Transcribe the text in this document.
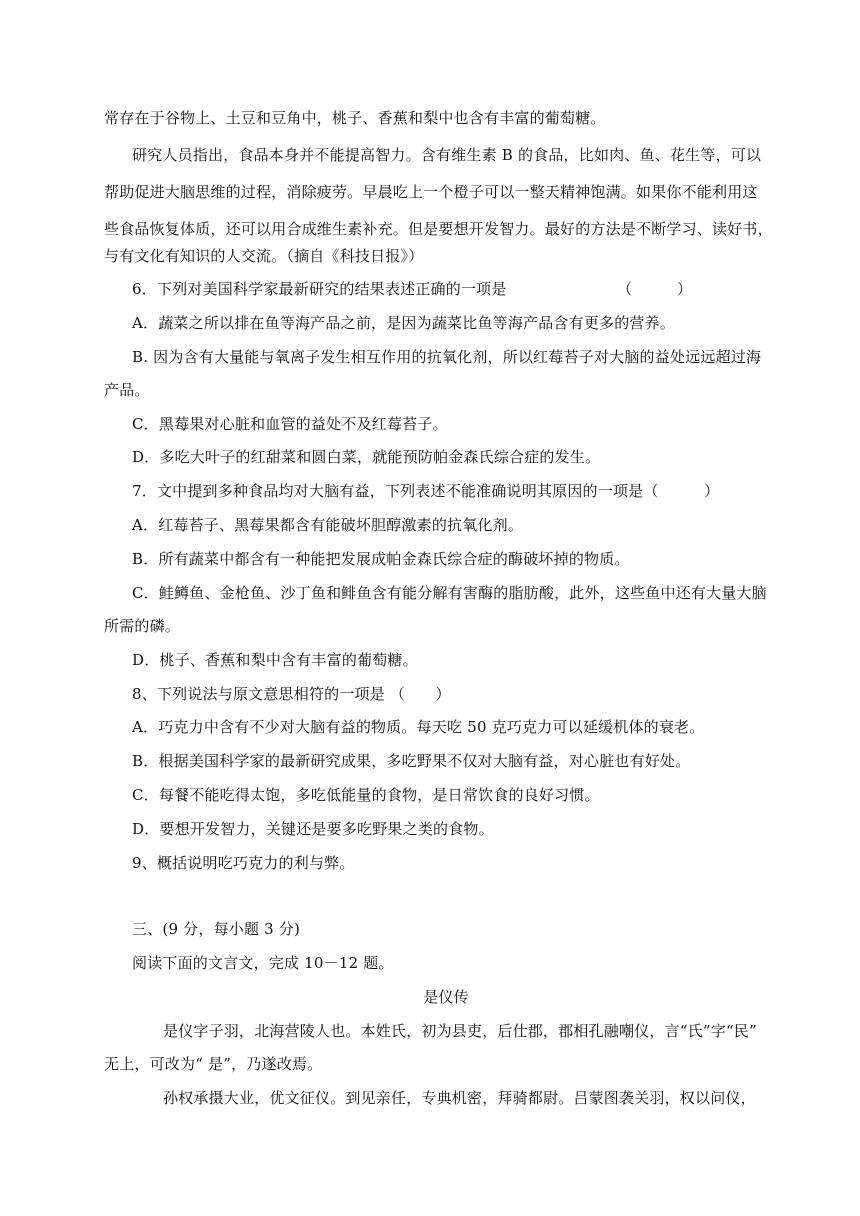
常存在于谷物上、土豆和豆角中，桃子、香蕉和梨中也含有丰富的葡萄糖。
研究人员指出，食品本身并不能提高智力。含有维生素 B 的食品，比如肉、鱼、花生等，可以
帮助促进大脑思维的过程，消除疲劳。早晨吃上一个橙子可以一整天精神饱满。如果你不能利用这
些食品恢复体质，还可以用合成维生素补充。但是要想开发智力。最好的方法是不断学习、读好书，
与有文化有知识的人交流。（摘自《科技日报》）
6．下列对美国科学家最新研究的结果表述正确的一项是	（　　　）
A．蔬菜之所以排在鱼等海产品之前，是因为蔬菜比鱼等海产品含有更多的营养。
B. 因为含有大量能与氧离子发生相互作用的抗氧化剂，所以红莓苔子对大脑的益处远远超过海
产品。
C．黑莓果对心脏和血管的益处不及红莓苔子。
D．多吃大叶子的红甜菜和圆白菜，就能预防帕金森氏综合症的发生。
7．文中提到多种食品均对大脑有益，下列表述不能准确说明其原因的一项是（　　　）
A．红莓苔子、黑莓果都含有能破坏胆醇激素的抗氧化剂。
B．所有蔬菜中都含有一种能把发展成帕金森氏综合症的酶破坏掉的物质。
C．鲑鳟鱼、金枪鱼、沙丁鱼和鲱鱼含有能分解有害酶的脂肪酸，此外，这些鱼中还有大量大脑
所需的磷。
D．桃子、香蕉和梨中含有丰富的葡萄糖。
8、下列说法与原文意思相符的一项是 （　　）
A．巧克力中含有不少对大脑有益的物质。每天吃 50 克巧克力可以延缓机体的衰老。
B．根据美国科学家的最新研究成果，多吃野果不仅对大脑有益，对心脏也有好处。
C．每餐不能吃得太饱，多吃低能量的食物，是日常饮食的良好习惯。
D．要想开发智力，关键还是要多吃野果之类的食物。
9、概括说明吃巧克力的利与弊。
三、(9 分，每小题 3 分)
阅读下面的文言文，完成 10－12 题。
是仪传
是仪字子羽，北海营陵人也。本姓氏，初为县吏，后仕郡，郡相孔融嘲仪，言“氏”字“民”
无上，可改为“ 是”，乃遂改焉。
孙权承摄大业，优文征仪。到见亲任，专典机密，拜骑都尉。吕蒙图袭关羽，权以问仪，
